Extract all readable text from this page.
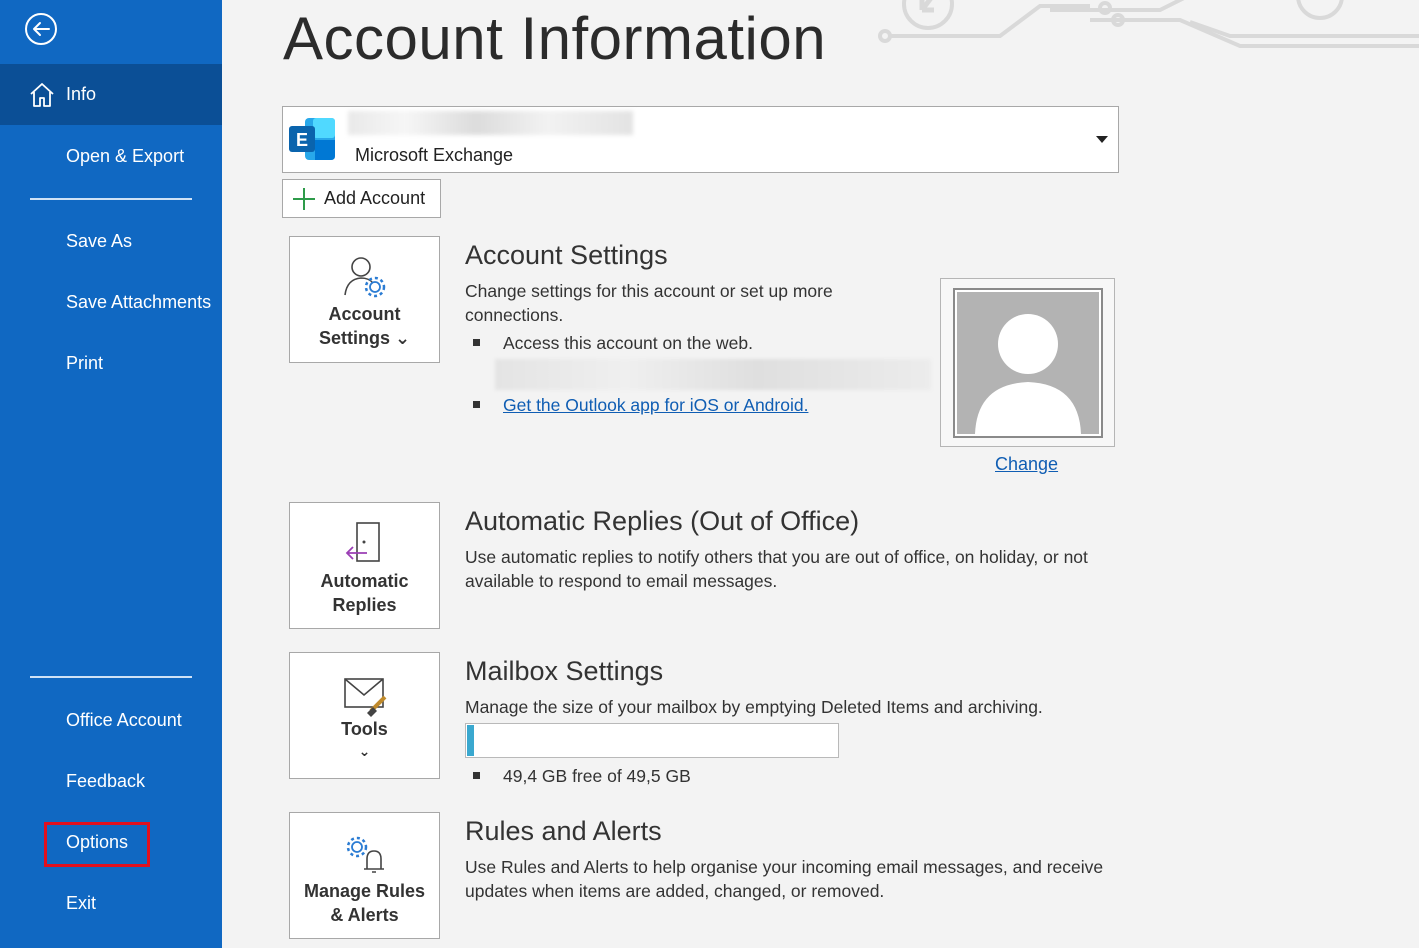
Info
Open & Export
Save As
Save Attachments
Print
Office Account
Feedback
Options
Exit
Account Information
E
Microsoft Exchange
Add Account
Account
Settings ⌄
Account Settings

Change settings for this account or set up more connections.

Access this account on the web.
Get the Outlook app for iOS or Android.
Change
Automatic
Replies
Automatic Replies (Out of Office)

Use automatic replies to notify others that you are out of office, on holiday, or not available to respond to email messages.

Tools
⌄
Mailbox Settings

Manage the size of your mailbox by emptying Deleted Items and archiving.

49,4 GB free of 49,5 GB
Manage Rules
& Alerts
Rules and Alerts

Use Rules and Alerts to help organise your incoming email messages, and receive updates when items are added, changed, or removed.
